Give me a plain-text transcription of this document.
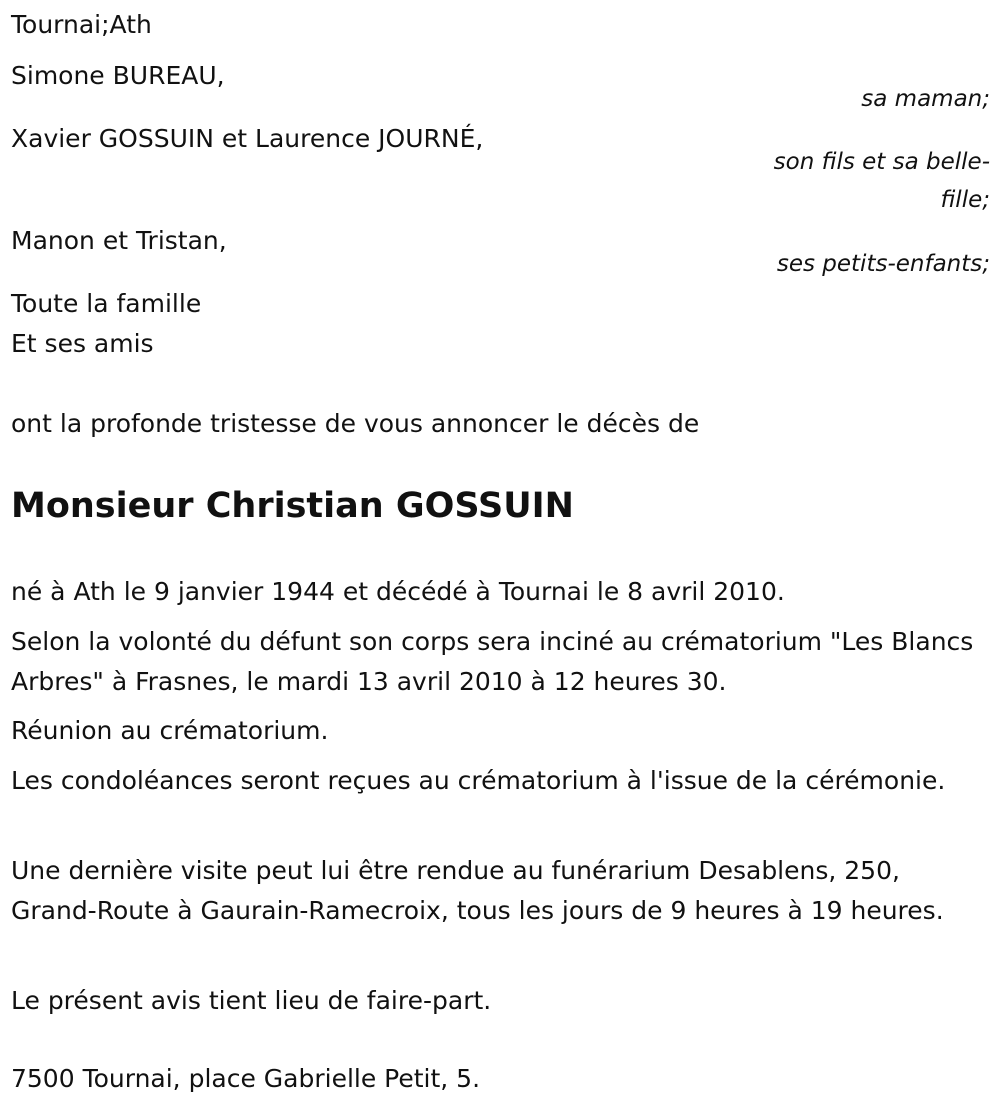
Tournai;Ath
Simone BUREAU,
sa maman;
Xavier GOSSUIN et Laurence JOURNÉ,
son fils et sa belle-fille;
Manon et Tristan,
ses petits-enfants;
Toute la famille
Et ses amis
ont la profonde tristesse de vous annoncer le décès de
Monsieur Christian GOSSUIN
né à Ath le 9 janvier 1944 et décédé à Tournai le 8 avril 2010.
Selon la volonté du défunt son corps sera inciné au crématorium "Les Blancs Arbres" à Frasnes, le mardi 13 avril 2010 à 12 heures 30.
Réunion au crématorium.
Les condoléances seront reçues au crématorium à l'issue de la cérémonie.
Une dernière visite peut lui être rendue au funérarium Desablens, 250, Grand-Route à Gaurain-Ramecroix, tous les jours de 9 heures à 19 heures.
Le présent avis tient lieu de faire-part.
7500 Tournai, place Gabrielle Petit, 5.
